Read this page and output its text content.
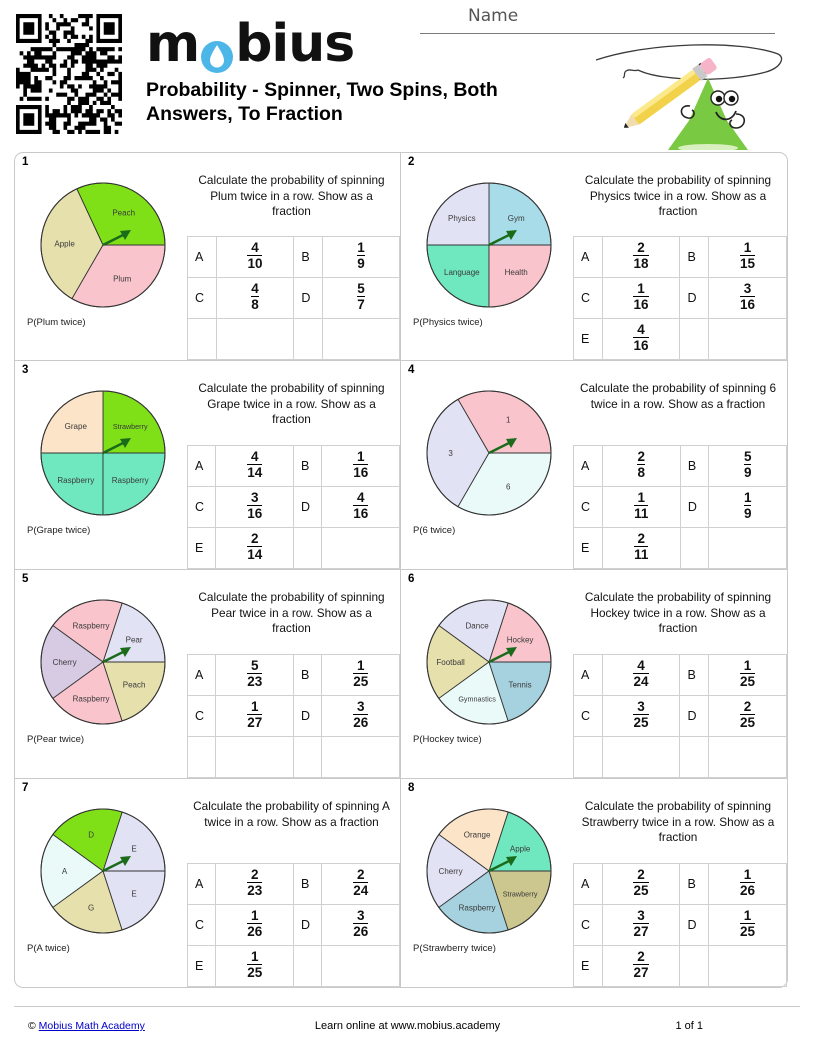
m bius
Probability - Spinner, Two Spins, Both Answers, To Fraction
Name
1
Peach
Apple
Plum
P(Plum twice)
Calculate the probability of spinning Plum twice in a row. Show as a fraction
A	$\frac{4}{10}$	B	$\frac{1}{9}$

C	$\frac{4}{8}$	D	$\frac{5}{7}$

2
Gym
Physics
Language	Health
P(Physics twice)
Calculate the probability of spinning Physics twice in a row. Show as a fraction
A	$\frac{2}{18}$	B	$\frac{1}{15}$

C	$\frac{1}{16}$	D	$\frac{3}{16}$

E	$\frac{4}{16}$

3
Strawberry
Grape
Raspberry Raspberry
P(Grape twice)
Calculate the probability of spinning Grape twice in a row. Show as a fraction
A	$\frac{4}{14}$	B	$\frac{1}{16}$

C	$\frac{3}{16}$	D	$\frac{4}{16}$

E	$\frac{2}{14}$

4
1
3
6
P(6 twice)
Calculate the probability of spinning 6 twice in a row. Show as a fraction
A	$\frac{2}{8}$	B	$\frac{5}{9}$

C	$\frac{1}{11}$	D	$\frac{1}{9}$

E	$\frac{2}{11}$

5
Pear
Raspberry
Cherry
Raspberry
Peach
P(Pear twice)
Calculate the probability of spinning Pear twice in a row. Show as a fraction
A	$\frac{5}{23}$	B	$\frac{1}{25}$

C	$\frac{1}{27}$	D	$\frac{3}{26}$

6
Hockey
Dance
Football
Gymnastics
Tennis
P(Hockey twice)
Calculate the probability of spinning Hockey twice in a row. Show as a fraction
A	$\frac{4}{24}$	B	$\frac{1}{25}$

C	$\frac{3}{25}$	D	$\frac{2}{25}$

7
E
D
A
G
E
P(A twice)
Calculate the probability of spinning A twice in a row. Show as a fraction
A	$\frac{2}{23}$	B	$\frac{2}{24}$

C	$\frac{1}{26}$	D	$\frac{3}{26}$

E	$\frac{1}{25}$

8
Apple
Orange
Cherry
Raspberry
Strawberry
P(Strawberry twice)
Calculate the probability of spinning Strawberry twice in a row. Show as a fraction
A	$\frac{2}{25}$	B	$\frac{1}{26}$

C	$\frac{3}{27}$	D	$\frac{1}{25}$

E	$\frac{2}{27}$

© Mobius Math Academy	Learn online at www.mobius.academy	1 of 1
